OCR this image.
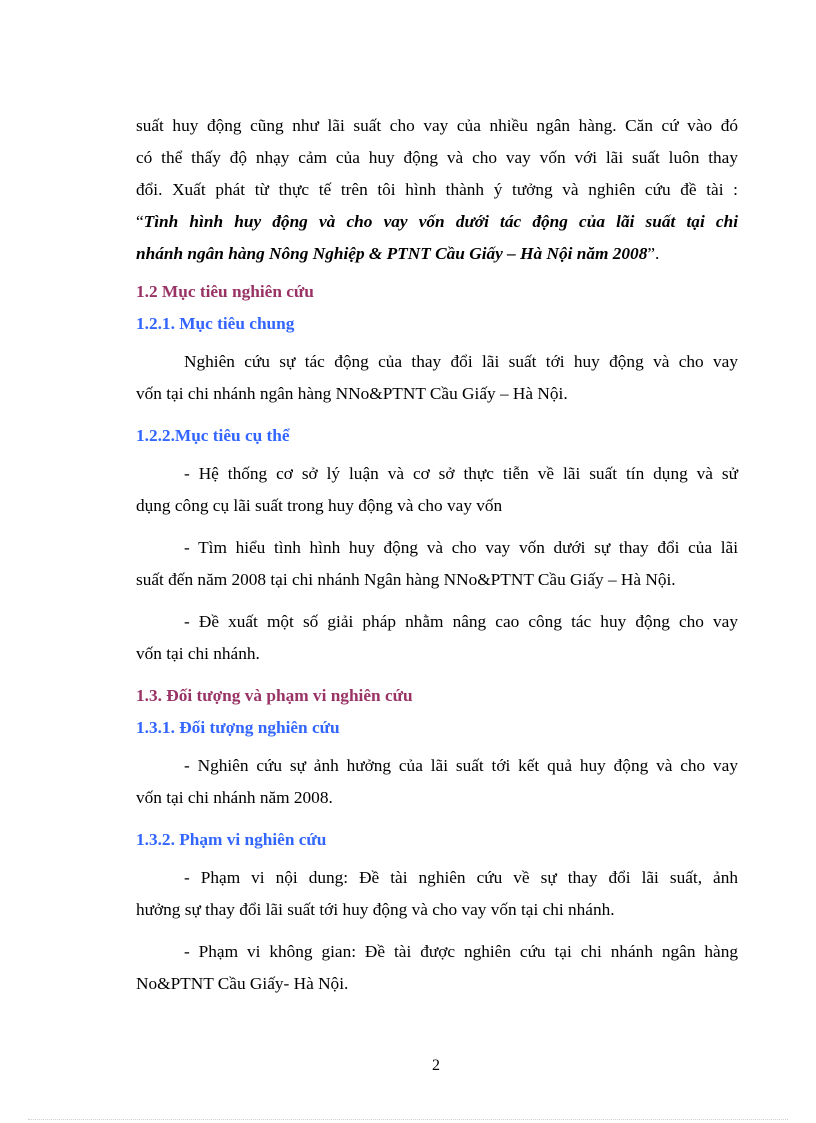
suất huy động cũng như lãi suất cho vay của nhiều ngân hàng. Căn cứ vào đó
có thể thấy độ nhạy cảm của huy động và cho vay vốn với lãi suất luôn thay
đổi. Xuất phát từ thực tế trên tôi hình thành ý tưởng và nghiên cứu đề tài :
“Tình hình huy động và cho vay vốn dưới tác động của lãi suất tại chi
nhánh ngân hàng Nông Nghiệp & PTNT Cầu Giấy – Hà Nội năm 2008”.

1.2 Mục tiêu nghiên cứu
1.2.1. Mục tiêu chung

Nghiên cứu sự tác động của thay đổi lãi suất tới huy động và cho vay
vốn tại chi nhánh ngân hàng NNo&PTNT Cầu Giấy – Hà Nội.

1.2.2.Mục tiêu cụ thể

- Hệ thống cơ sở lý luận và cơ sở thực tiễn về lãi suất tín dụng và sử
dụng công cụ lãi suất trong huy động và cho vay vốn

- Tìm hiểu tình hình huy động và cho vay vốn dưới sự thay đổi của lãi
suất đến năm 2008 tại chi nhánh Ngân hàng NNo&PTNT Cầu Giấy – Hà Nội.

- Đề xuất một số giải pháp nhằm nâng cao công tác huy động cho vay
vốn tại chi nhánh.

1.3. Đối tượng và phạm vi nghiên cứu
1.3.1. Đối tượng nghiên cứu

- Nghiên cứu sự ảnh hưởng của lãi suất tới kết quả huy động và cho vay
vốn tại chi nhánh năm 2008.

1.3.2. Phạm vi nghiên cứu

- Phạm vi nội dung: Đề tài nghiên cứu về sự thay đổi lãi suất, ảnh
hưởng sự thay đổi lãi suất tới huy động và cho vay vốn tại chi nhánh.

- Phạm vi không gian: Đề tài được nghiên cứu tại chi nhánh ngân hàng
No&PTNT Cầu Giấy- Hà Nội.

2
